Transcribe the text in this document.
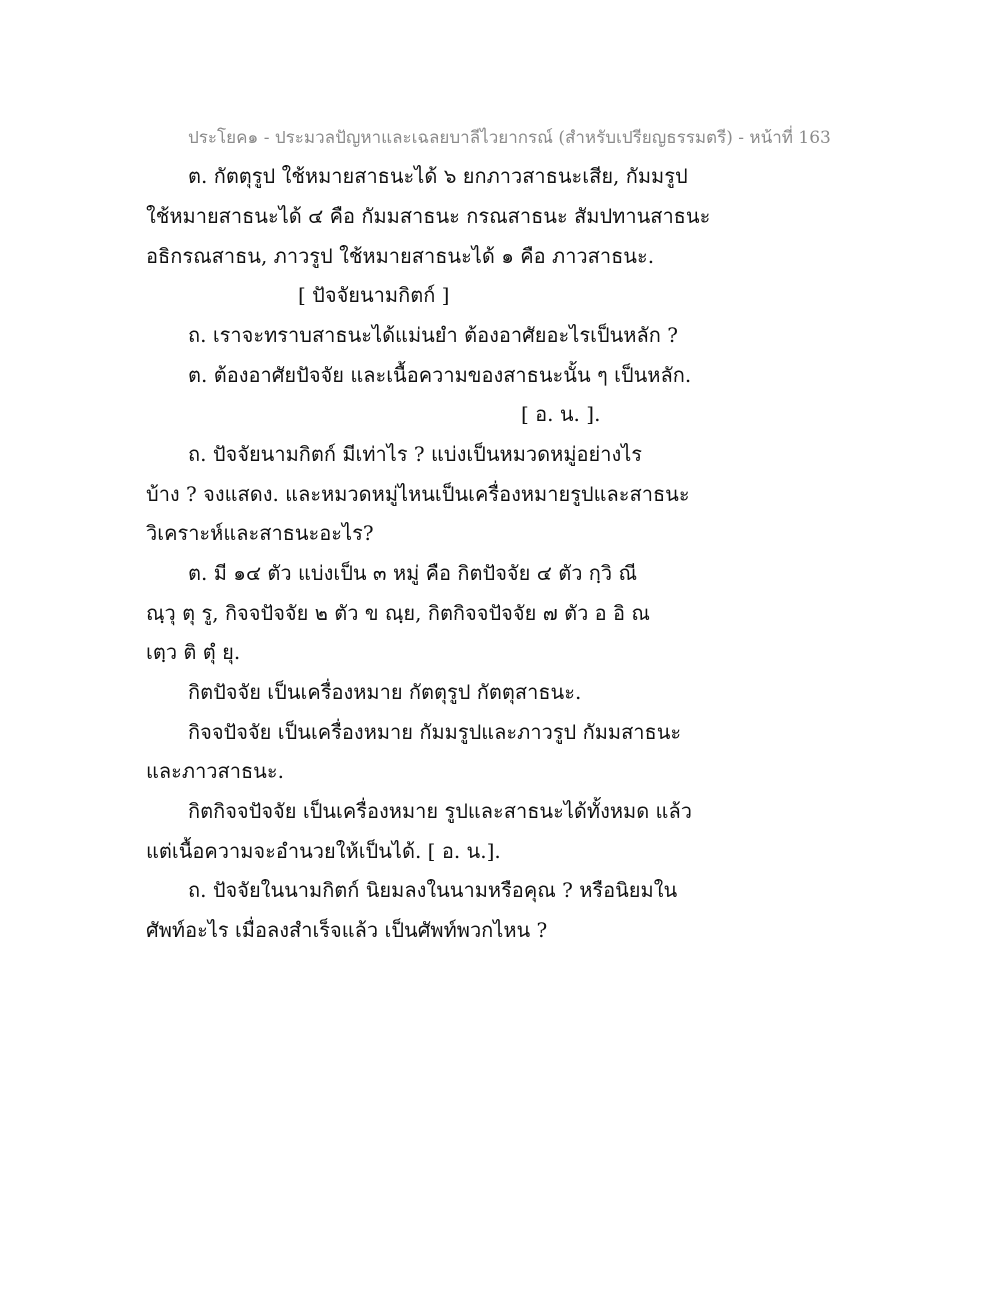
ประโยค๑ - ประมวลปัญหาและเฉลยบาลีไวยากรณ์ (สำหรับเปรียญธรรมตรี) - หน้าที่ 163
ต. กัตตุรูป ใช้หมายสาธนะได้ ๖ ยกภาวสาธนะเสีย, กัมมรูป
ใช้หมายสาธนะได้ ๔ คือ กัมมสาธนะ กรณสาธนะ สัมปทานสาธนะ
อธิกรณสาธน, ภาวรูป ใช้หมายสาธนะได้ ๑ คือ ภาวสาธนะ.
[ ปัจจัยนามกิตก์ ]
ถ. เราจะทราบสาธนะได้แม่นยำ ต้องอาศัยอะไรเป็นหลัก ?
ต. ต้องอาศัยปัจจัย และเนื้อความของสาธนะนั้น ๆ เป็นหลัก.
[ อ. น. ].
ถ. ปัจจัยนามกิตก์ มีเท่าไร ? แบ่งเป็นหมวดหมู่อย่างไร
บ้าง ? จงแสดง. และหมวดหมู่ไหนเป็นเครื่องหมายรูปและสาธนะ
วิเคราะห์และสาธนะอะไร?
ต. มี ๑๔ ตัว แบ่งเป็น ๓ หมู่ คือ กิตปัจจัย ๔ ตัว กฺวิ ณี
ณฺวุ ตุ รู, กิจจปัจจัย ๒ ตัว ข ณฺย, กิตกิจจปัจจัย ๗ ตัว อ อิ ณ
เตฺว ติ ตุํ ยุ.
กิตปัจจัย เป็นเครื่องหมาย กัตตุรูป กัตตุสาธนะ.
กิจจปัจจัย เป็นเครื่องหมาย กัมมรูปและภาวรูป กัมมสาธนะ
และภาวสาธนะ.
กิตกิจจปัจจัย เป็นเครื่องหมาย รูปและสาธนะได้ทั้งหมด แล้ว
แต่เนื้อความจะอำนวยให้เป็นได้. [ อ. น.].
ถ. ปัจจัยในนามกิตก์ นิยมลงในนามหรือคุณ ? หรือนิยมใน
ศัพท์อะไร เมื่อลงสำเร็จแล้ว เป็นศัพท์พวกไหน ?
